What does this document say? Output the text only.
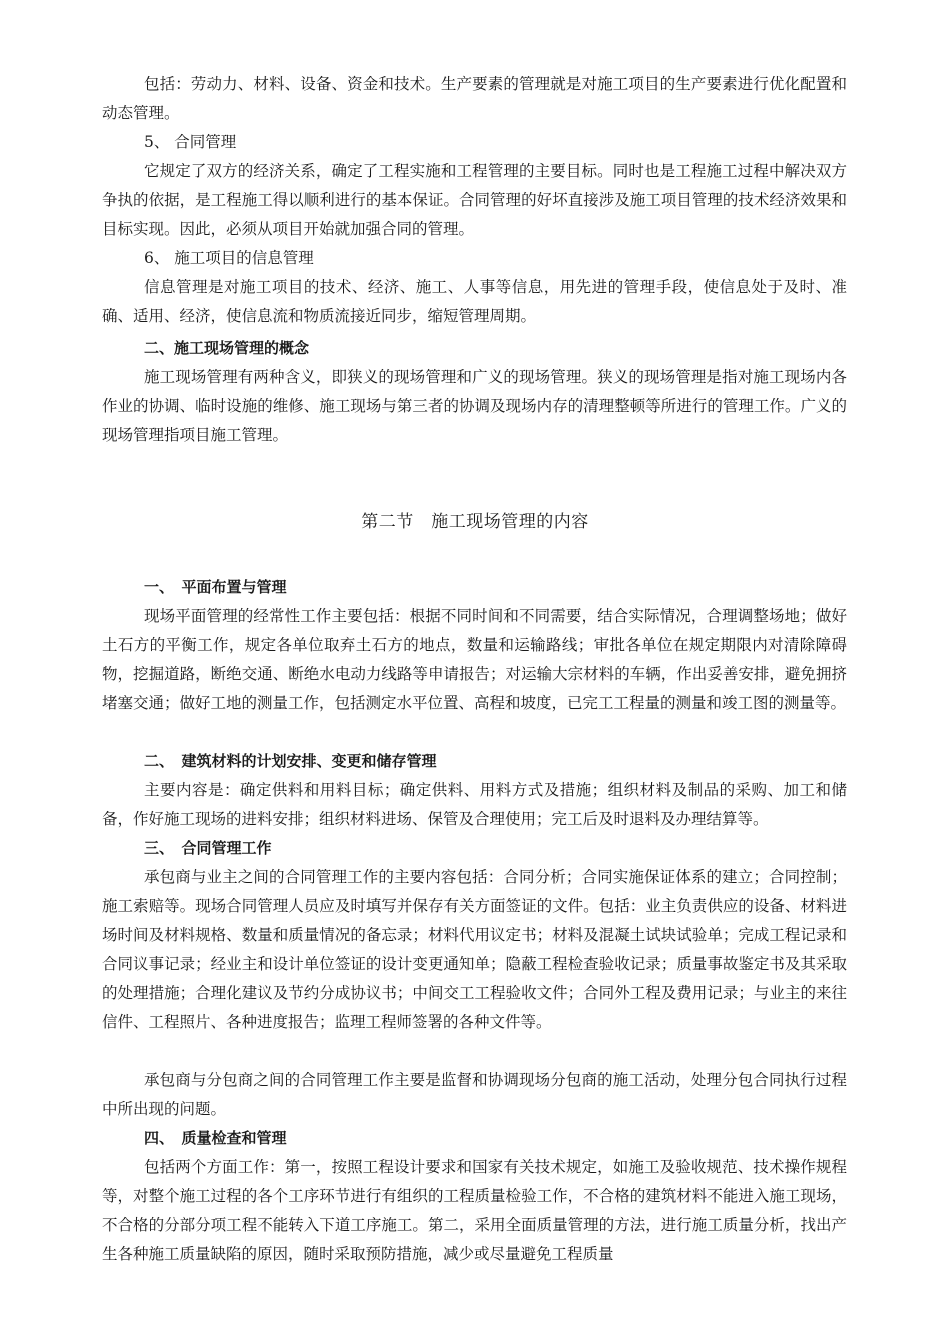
包括：劳动力、材料、设备、资金和技术。生产要素的管理就是对施工项目的生产要素进行优化配置和动态管理。

5、 合同管理

它规定了双方的经济关系，确定了工程实施和工程管理的主要目标。同时也是工程施工过程中解决双方争执的依据，是工程施工得以顺利进行的基本保证。合同管理的好坏直接涉及施工项目管理的技术经济效果和目标实现。因此，必须从项目开始就加强合同的管理。

6、 施工项目的信息管理

信息管理是对施工项目的技术、经济、施工、人事等信息，用先进的管理手段，使信息处于及时、准确、适用、经济，使信息流和物质流接近同步，缩短管理周期。

二、施工现场管理的概念

施工现场管理有两种含义，即狭义的现场管理和广义的现场管理。狭义的现场管理是指对施工现场内各作业的协调、临时设施的维修、施工现场与第三者的协调及现场内存的清理整顿等所进行的管理工作。广义的现场管理指项目施工管理。

第二节　施工现场管理的内容

一、　平面布置与管理

现场平面管理的经常性工作主要包括：根据不同时间和不同需要，结合实际情况，合理调整场地；做好土石方的平衡工作，规定各单位取弃土石方的地点，数量和运输路线；审批各单位在规定期限内对清除障碍物，挖掘道路，断绝交通、断绝水电动力线路等申请报告；对运输大宗材料的车辆，作出妥善安排，避免拥挤堵塞交通；做好工地的测量工作，包括测定水平位置、高程和坡度，已完工工程量的测量和竣工图的测量等。

二、　建筑材料的计划安排、变更和储存管理

主要内容是：确定供料和用料目标；确定供料、用料方式及措施；组织材料及制品的采购、加工和储备，作好施工现场的进料安排；组织材料进场、保管及合理使用；完工后及时退料及办理结算等。

三、　合同管理工作

承包商与业主之间的合同管理工作的主要内容包括：合同分析；合同实施保证体系的建立；合同控制；施工索赔等。现场合同管理人员应及时填写并保存有关方面签证的文件。包括：业主负责供应的设备、材料进场时间及材料规格、数量和质量情况的备忘录；材料代用议定书；材料及混凝土试块试验单；完成工程记录和合同议事记录；经业主和设计单位签证的设计变更通知单；隐蔽工程检查验收记录；质量事故鉴定书及其采取的处理措施；合理化建议及节约分成协议书；中间交工工程验收文件；合同外工程及费用记录；与业主的来往信件、工程照片、各种进度报告；监理工程师签署的各种文件等。

承包商与分包商之间的合同管理工作主要是监督和协调现场分包商的施工活动，处理分包合同执行过程中所出现的问题。

四、　质量检查和管理

包括两个方面工作：第一，按照工程设计要求和国家有关技术规定，如施工及验收规范、技术操作规程等，对整个施工过程的各个工序环节进行有组织的工程质量检验工作，不合格的建筑材料不能进入施工现场，不合格的分部分项工程不能转入下道工序施工。第二，采用全面质量管理的方法，进行施工质量分析，找出产生各种施工质量缺陷的原因，随时采取预防措施，减少或尽量避免工程质量
